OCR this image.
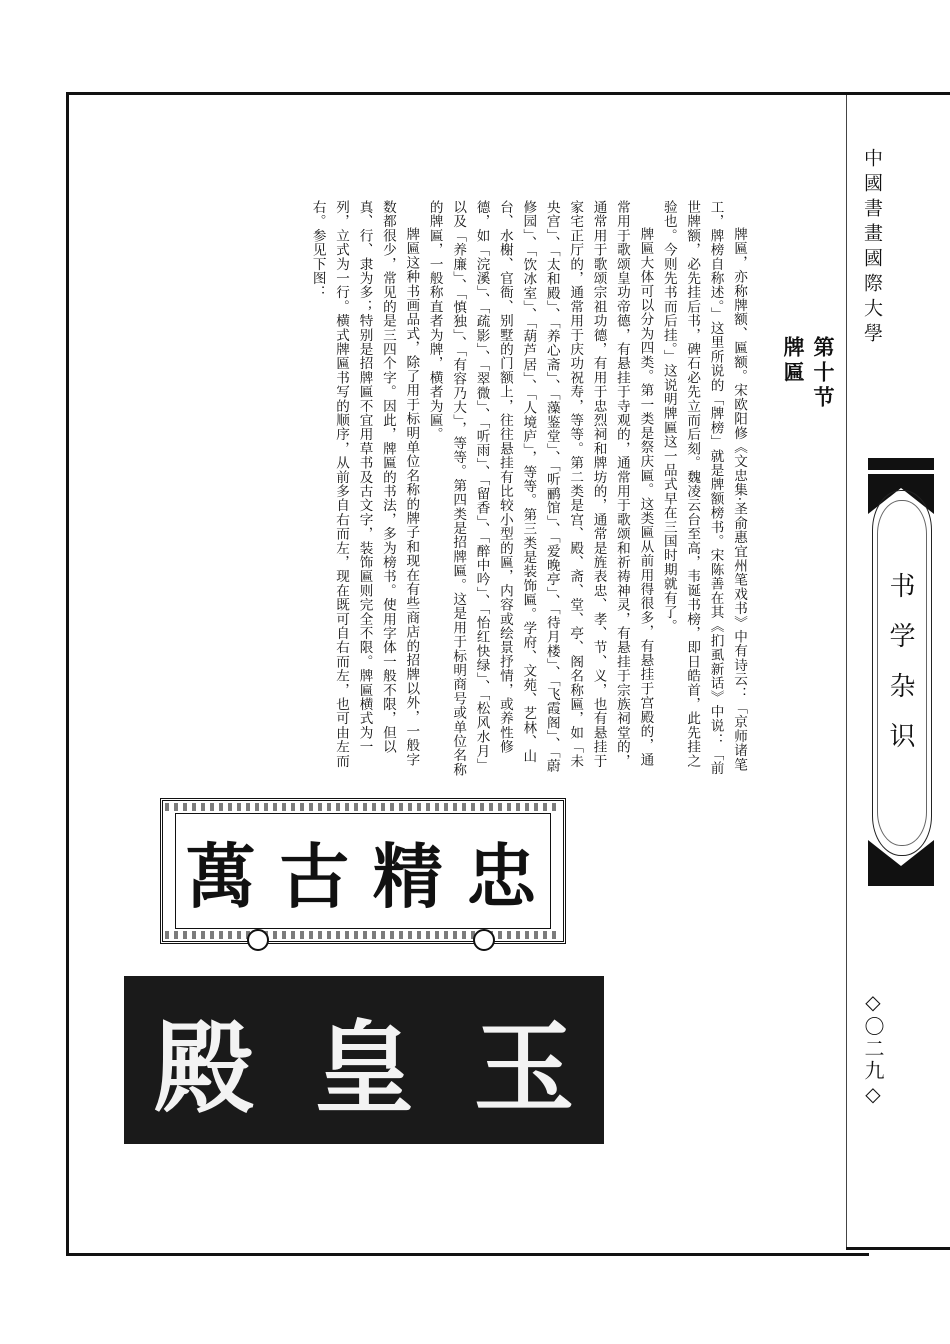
中國書畫國際大學
书学杂识
◇〇二九◇
第十节
牌匾

牌匾，亦称牌额、匾额。宋欧阳修《文忠集·圣俞惠宜州笔戏书》中有诗云：「京师诸笔工，牌榜自称述。」这里所说的「牌榜」就是牌额榜书。宋陈善在其《扪虱新话》中说：「前世牌额，必先挂后书，碑石必先立而后刻。魏凌云台至高，韦诞书榜，即日皓首，此先挂之验也。今则先书而后挂。」这说明牌匾这一品式早在三国时期就有了。

牌匾大体可以分为四类。第一类是祭庆匾。这类匾从前用得很多，有悬挂于宫殿的，通常用于歌颂皇功帝德，有悬挂于寺观的，通常用于歌颂和祈祷神灵，有悬挂于宗族祠堂的，通常用于歌颂宗祖功德，有用于忠烈祠和牌坊的，通常是旌表忠、孝、节、义，也有悬挂于家宅正厅的，通常用于庆功祝寿，等等。第二类是宫、殿、斋、堂、亭、阁名称匾，如「未央宫」、「太和殿」、「养心斋」、「藻鉴堂」、「听鹂馆」、「爱晚亭」、「待月楼」、「飞霞阁」、「蔚修园」、「饮冰室」、「葫芦居」、「人境庐」，等等。第三类是装饰匾。学府、文苑、艺林、山台、水榭、官衙、别墅的门额上，往往悬挂有比较小型的匾，内容或绘景抒情，或养性修德，如「浣溪」、「疏影」、「翠微」、「听雨」、「留香」、「醉中吟」、「怡红快绿」、「松风水月」以及「养廉」、「慎独」、「有容乃大」，等等。第四类是招牌匾。这是用于标明商号或单位名称的牌匾，一般称直者为牌，横者为匾。

牌匾这种书画品式，除了用于标明单位名称的牌子和现在有些商店的招牌以外，一般字数都很少，常见的是三四个字。因此，牌匾的书法，多为榜书。使用字体一般不限，但以真、行、隶为多；特别是招牌匾不宜用草书及古文字，装饰匾则完全不限。牌匾横式为一列，立式为一行。横式牌匾书写的顺序，从前多自右而左，现在既可自右而左，也可由左而右。参见下图：

萬 古 精 忠
殿 皇 玉
